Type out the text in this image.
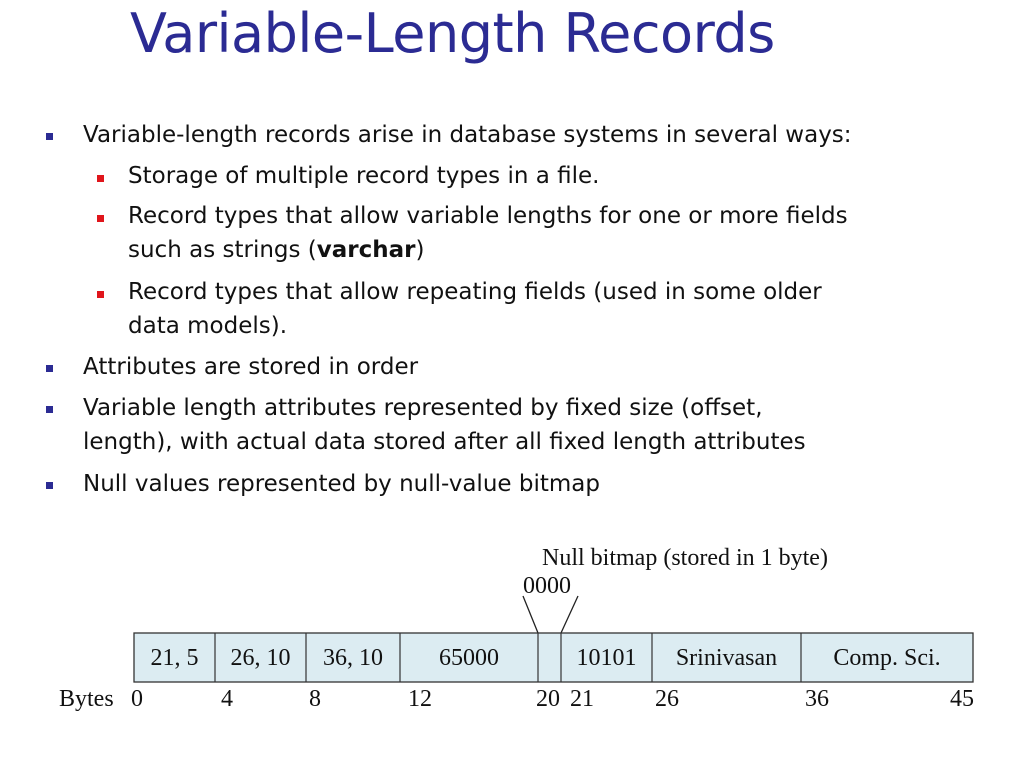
Variable-Length Records
Variable-length records arise in database systems in several ways:
Storage of multiple record types in a file.
Record types that allow variable lengths for one or more fields
such as strings (varchar)
Record types that allow repeating fields (used in some older
data models).
Attributes are stored in order
Variable length attributes represented by fixed size (offset,
length), with actual data stored after all fixed length attributes
Null values represented by null-value bitmap
Null bitmap (stored in 1 byte)
0000
21, 5	26, 10	36, 10	65000	10101	Srinivasan	Comp. Sci.
Bytes 0	4	8	12	20 21	26	36	45
